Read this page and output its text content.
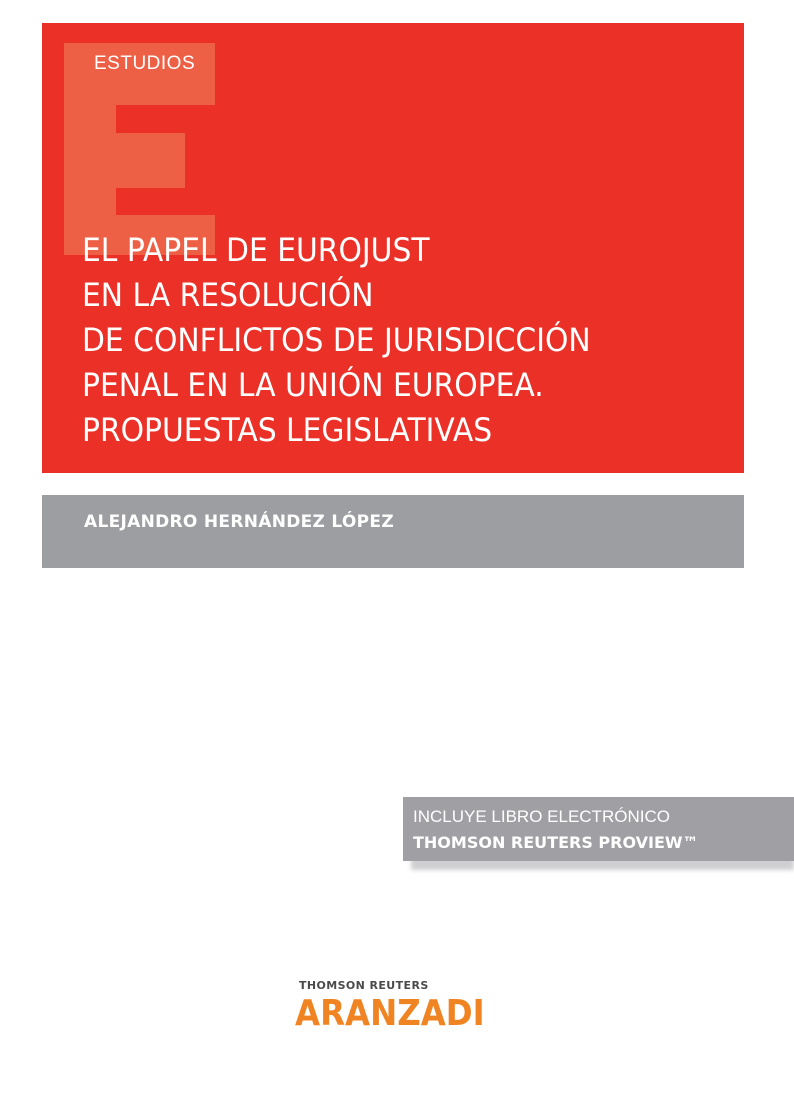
ESTUDIOS
EL PAPEL DE EUROJUST
EN LA RESOLUCIÓN
DE CONFLICTOS DE JURISDICCIÓN
PENAL EN LA UNIÓN EUROPEA.
PROPUESTAS LEGISLATIVAS
ALEJANDRO HERNÁNDEZ LÓPEZ
INCLUYE LIBRO ELECTRÓNICO
THOMSON REUTERS PROVIEW™
THOMSON REUTERS
ARANZADI
